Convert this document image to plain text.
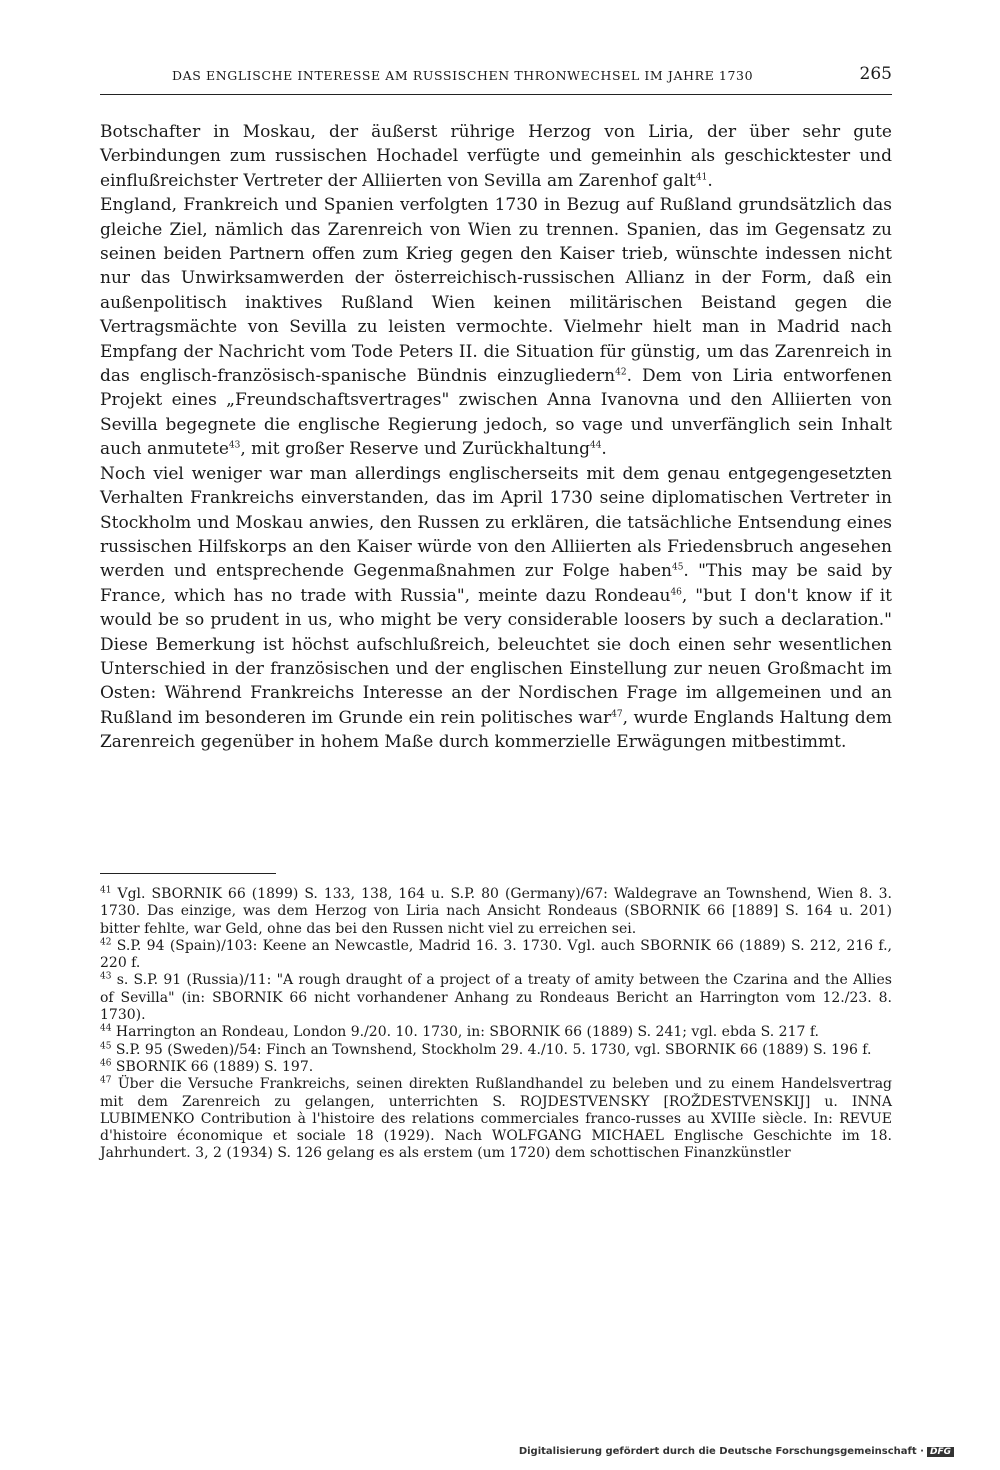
DAS ENGLISCHE INTERESSE AM RUSSISCHEN THRONWECHSEL IM JAHRE 1730	265

Botschafter in Moskau, der äußerst rührige Herzog von Liria, der über sehr gute Verbindungen zum russischen Hochadel verfügte und gemeinhin als geschicktester und einflußreichster Vertreter der Alliierten von Sevilla am Zarenhof galt$^{41}$.

England, Frankreich und Spanien verfolgten 1730 in Bezug auf Rußland grundsätzlich das gleiche Ziel, nämlich das Zarenreich von Wien zu trennen. Spanien, das im Gegensatz zu seinen beiden Partnern offen zum Krieg gegen den Kaiser trieb, wünschte indessen nicht nur das Unwirksamwerden der österreichisch-russischen Allianz in der Form, daß ein außenpolitisch inaktives Rußland Wien keinen militärischen Beistand gegen die Vertragsmächte von Sevilla zu leisten vermochte. Vielmehr hielt man in Madrid nach Empfang der Nachricht vom Tode Peters II. die Situation für günstig, um das Zarenreich in das englisch-französisch-spanische Bündnis einzugliedern$^{42}$. Dem von Liria entworfenen Projekt eines „Freundschaftsvertrages" zwischen Anna Ivanovna und den Alliierten von Sevilla begegnete die englische Regierung jedoch, so vage und unverfänglich sein Inhalt auch anmutete$^{43}$, mit großer Reserve und Zurückhaltung$^{44}$.

Noch viel weniger war man allerdings englischerseits mit dem genau entgegengesetzten Verhalten Frankreichs einverstanden, das im April 1730 seine diplomatischen Vertreter in Stockholm und Moskau anwies, den Russen zu erklären, die tatsächliche Entsendung eines russischen Hilfskorps an den Kaiser würde von den Alliierten als Friedensbruch angesehen werden und entsprechende Gegenmaßnahmen zur Folge haben$^{45}$. "This may be said by France, which has no trade with Russia", meinte dazu Rondeau$^{46}$, "but I don't know if it would be so prudent in us, who might be very considerable loosers by such a declaration." Diese Bemerkung ist höchst aufschlußreich, beleuchtet sie doch einen sehr wesentlichen Unterschied in der französischen und der englischen Einstellung zur neuen Großmacht im Osten: Während Frankreichs Interesse an der Nordischen Frage im allgemeinen und an Rußland im besonderen im Grunde ein rein politisches war$^{47}$, wurde Englands Haltung dem Zarenreich gegenüber in hohem Maße durch kommerzielle Erwägungen mitbestimmt.

$^{41}$ Vgl. SBORNIK 66 (1899) S. 133, 138, 164 u. S.P. 80 (Germany)/67: Waldegrave an Townshend, Wien 8. 3. 1730. Das einzige, was dem Herzog von Liria nach Ansicht Rondeaus (SBORNIK 66 [1889] S. 164 u. 201) bitter fehlte, war Geld, ohne das bei den Russen nicht viel zu erreichen sei.

$^{42}$ S.P. 94 (Spain)/103: Keene an Newcastle, Madrid 16. 3. 1730. Vgl. auch SBORNIK 66 (1889) S. 212, 216 f., 220 f.

$^{43}$ s. S.P. 91 (Russia)/11: "A rough draught of a project of a treaty of amity between the Czarina and the Allies of Sevilla" (in: SBORNIK 66 nicht vorhandener Anhang zu Rondeaus Bericht an Harrington vom 12./23. 8. 1730).

$^{44}$ Harrington an Rondeau, London 9./20. 10. 1730, in: SBORNIK 66 (1889) S. 241; vgl. ebda S. 217 f.

$^{45}$ S.P. 95 (Sweden)/54: Finch an Townshend, Stockholm 29. 4./10. 5. 1730, vgl. SBORNIK 66 (1889) S. 196 f.

$^{46}$ SBORNIK 66 (1889) S. 197.

$^{47}$ Über die Versuche Frankreichs, seinen direkten Rußlandhandel zu beleben und zu einem Handelsvertrag mit dem Zarenreich zu gelangen, unterrichten S. ROJDESTVENSKY [ROŽDESTVENSKIJ] u. INNA LUBIMENKO Contribution à l'histoire des relations commerciales franco-russes au XVIIIe siècle. In: REVUE d'histoire économique et sociale 18 (1929). Nach WOLFGANG MICHAEL Englische Geschichte im 18. Jahrhundert. 3, 2 (1934) S. 126 gelang es als erstem (um 1720) dem schottischen Finanzkünstler

Digitalisierung gefördert durch die Deutsche Forschungsgemeinschaft · DFG
